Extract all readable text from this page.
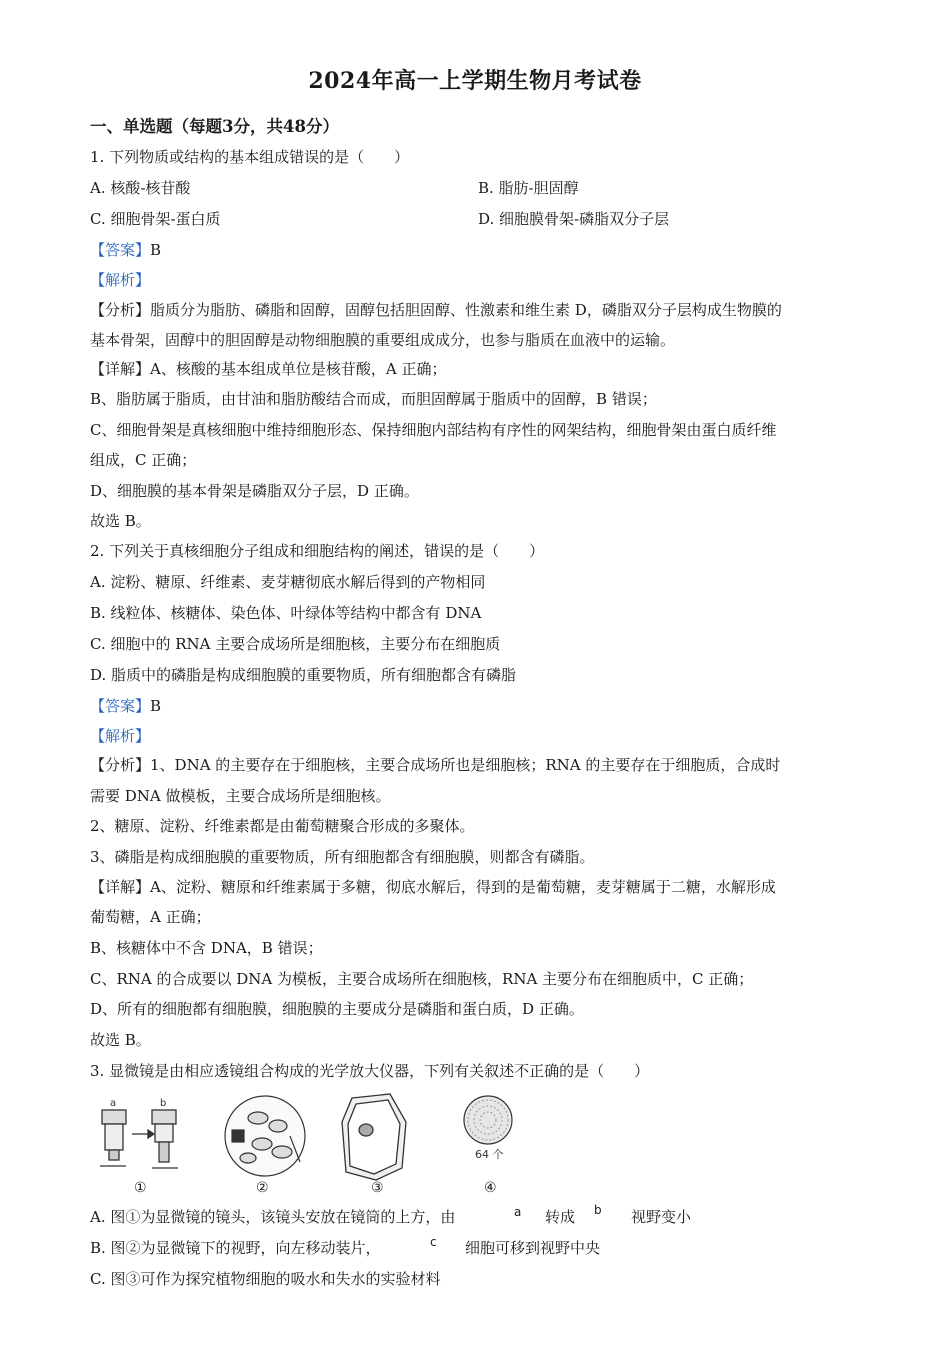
2024年高一上学期生物月考试卷
一、单选题（每题3分，共48分）
1. 下列物质或结构的基本组成错误的是（　　）
A. 核酸-核苷酸	B. 脂肪-胆固醇
C. 细胞骨架-蛋白质	D. 细胞膜骨架-磷脂双分子层
【答案】B
【解析】
【分析】脂质分为脂肪、磷脂和固醇，固醇包括胆固醇、性激素和维生素 D，磷脂双分子层构成生物膜的
基本骨架，固醇中的胆固醇是动物细胞膜的重要组成成分，也参与脂质在血液中的运输。
【详解】A、核酸的基本组成单位是核苷酸，A 正确；
B、脂肪属于脂质，由甘油和脂肪酸结合而成，而胆固醇属于脂质中的固醇，B 错误；
C、细胞骨架是真核细胞中维持细胞形态、保持细胞内部结构有序性的网架结构，细胞骨架由蛋白质纤维
组成，C 正确；
D、细胞膜的基本骨架是磷脂双分子层，D 正确。
故选 B。
2. 下列关于真核细胞分子组成和细胞结构的阐述，错误的是（　　）
A. 淀粉、糖原、纤维素、麦芽糖彻底水解后得到的产物相同
B. 线粒体、核糖体、染色体、叶绿体等结构中都含有 DNA
C. 细胞中的 RNA 主要合成场所是细胞核，主要分布在细胞质
D. 脂质中的磷脂是构成细胞膜的重要物质，所有细胞都含有磷脂
【答案】B
【解析】
【分析】1、DNA 的主要存在于细胞核，主要合成场所也是细胞核；RNA 的主要存在于细胞质，合成时
需要 DNA 做模板，主要合成场所是细胞核。
2、糖原、淀粉、纤维素都是由葡萄糖聚合形成的多聚体。
3、磷脂是构成细胞膜的重要物质，所有细胞都含有细胞膜，则都含有磷脂。
【详解】A、淀粉、糖原和纤维素属于多糖，彻底水解后，得到的是葡萄糖，麦芽糖属于二糖，水解形成
葡萄糖，A 正确；
B、核糖体中不含 DNA，B 错误；
C、RNA 的合成要以 DNA 为模板，主要合成场所在细胞核，RNA 主要分布在细胞质中，C 正确；
D、所有的细胞都有细胞膜，细胞膜的主要成分是磷脂和蛋白质，D 正确。
故选 B。
3. 显微镜是由相应透镜组合构成的光学放大仪器，下列有关叙述不正确的是（　　）
a	b
64 个
①	②	③	④
A. 图①为显微镜的镜头，该镜头安放在镜筒的上方，由	a 转成 b 视野变小
B. 图②为显微镜下的视野，向左移动装片，	c 细胞可移到视野中央
C. 图③可作为探究植物细胞的吸水和失水的实验材料
